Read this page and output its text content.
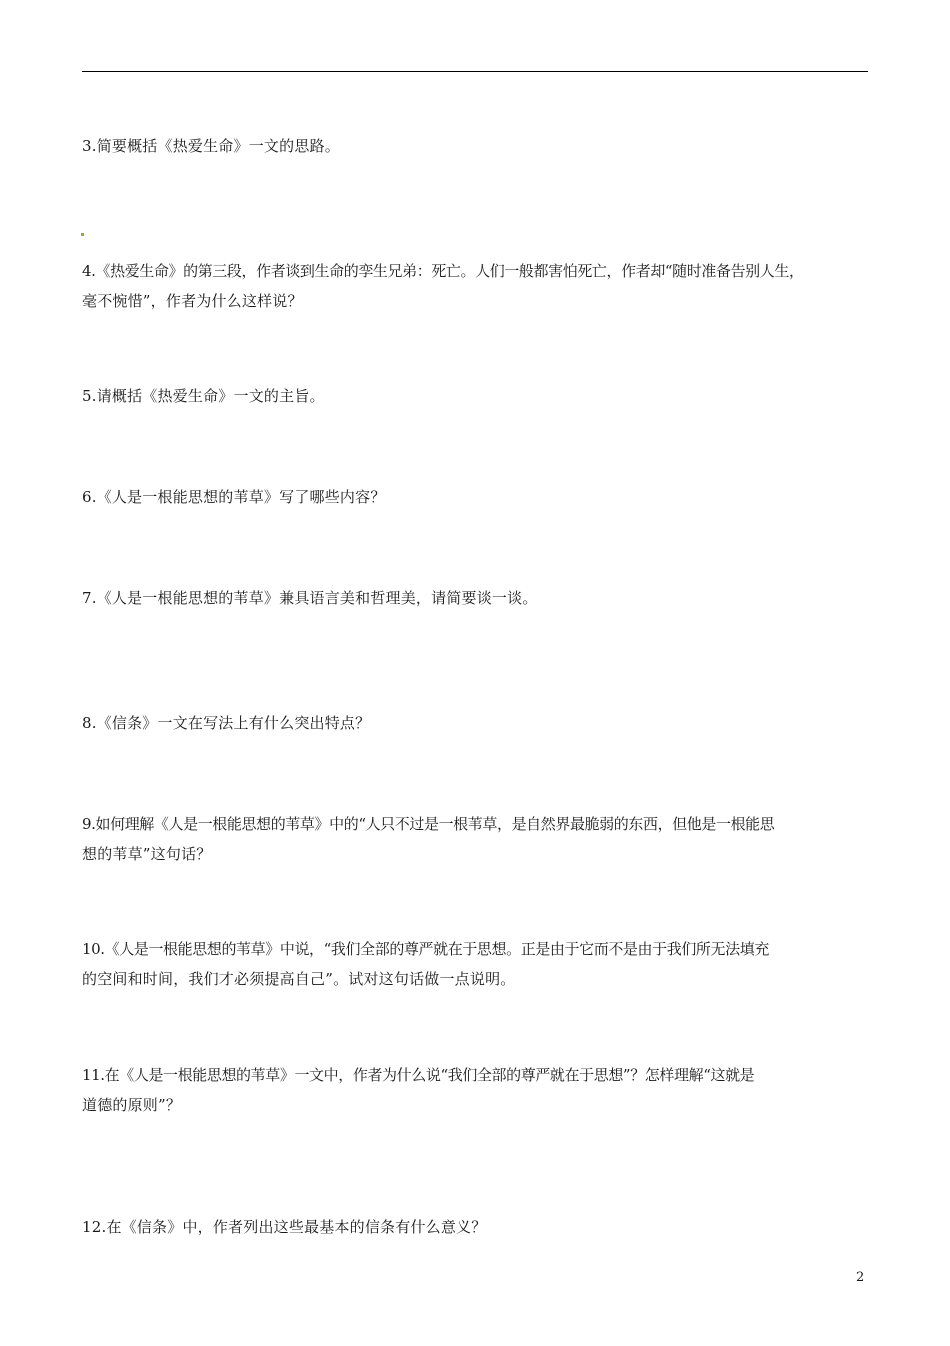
3.简要概括《热爱生命》一文的思路。
4.《热爱生命》的第三段，作者谈到生命的孪生兄弟：死亡。人们一般都害怕死亡，作者却“随时准备告别人生，
毫不惋惜”，作者为什么这样说？
5.请概括《热爱生命》一文的主旨。
6.《人是一根能思想的苇草》写了哪些内容？
7.《人是一根能思想的苇草》兼具语言美和哲理美，请简要谈一谈。
8.《信条》一文在写法上有什么突出特点？
9.如何理解《人是一根能思想的苇草》中的“人只不过是一根苇草，是自然界最脆弱的东西，但他是一根能思
想的苇草”这句话？
10.《人是一根能思想的苇草》中说，“我们全部的尊严就在于思想。正是由于它而不是由于我们所无法填充
的空间和时间，我们才必须提高自己”。试对这句话做一点说明。
11.在《人是一根能思想的苇草》一文中，作者为什么说“我们全部的尊严就在于思想”？怎样理解“这就是
道德的原则”？
12.在《信条》中，作者列出这些最基本的信条有什么意义？
2
